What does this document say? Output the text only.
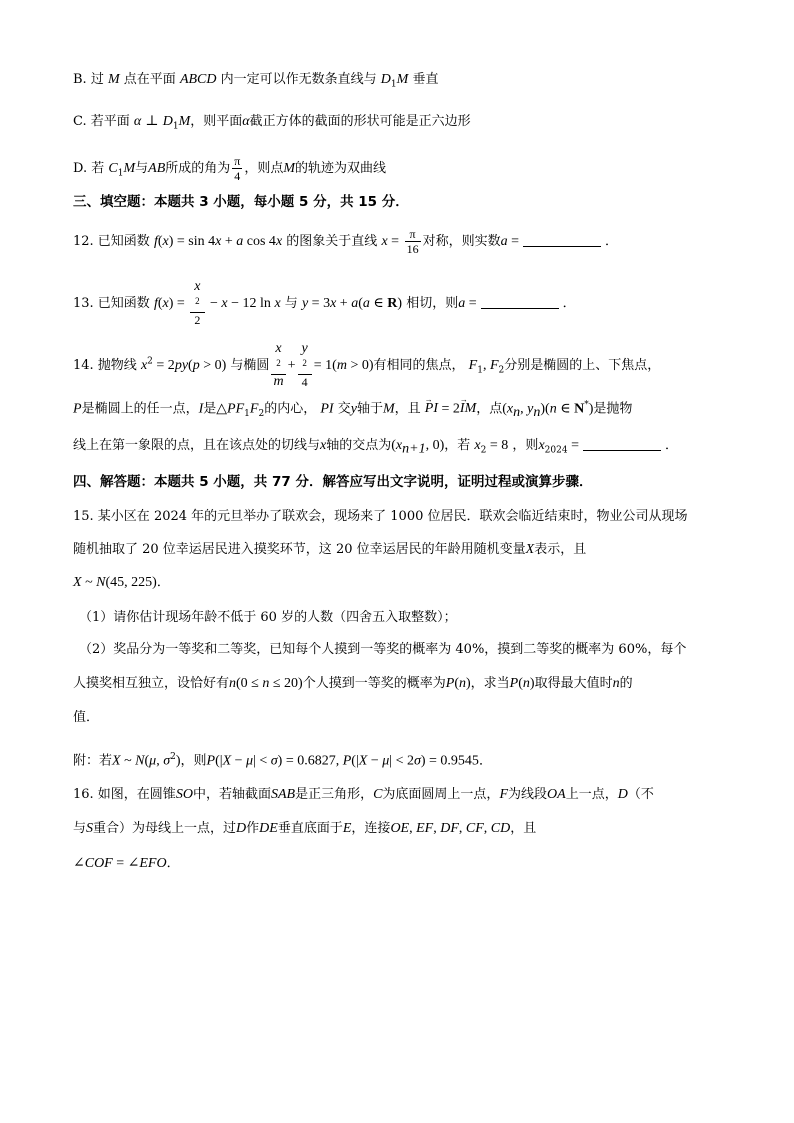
B. 过 M 点在平面 ABCD 内一定可以作无数条直线与 $D_1M$ 垂直
C. 若平面 α ⊥ $D_1M$，则平面α截正方体的截面的形状可能是正六边形
D. 若 $C_1M$与AB所成的角为 $\frac{\pi}{4}$ ，则点M的轨迹为双曲线
三、填空题：本题共 3 小题，每小题 5 分，共 15 分．
12. 已知函数 f(x) = sin 4x + a cos 4x 的图象关于直线 $x = \frac{\pi}{16}$ 对称，则实数a =	．
13. 已知函数 f(x) = x
$^2$
2 − x − 12 ln x 与 y = 3x + a(a ∈ R) 相切，则a =	．
14. 抛物线 $x^2 = 2py(p > 0)$ 与椭圆 x
$^2$
m + y
$^2$
4 = 1(m > 0)有相同的焦点， $F_1$, $F_2$分别是椭圆的上、下焦点，
P是椭圆上的任一点，I是$\triangle PF_1F_2$的内心， PI 交y轴于M，且 → PI = 2→ IM，点($x_n$, $y_n)(n$ ∈ N*)是抛物
线上在第一象限的点，且在该点处的切线与x轴的交点为($x_{n+1}$, 0)，若 $x_2 = 8$ ，则$x_{2024}$ =	．
四、解答题：本题共 5 小题，共 77 分．解答应写出文字说明，证明过程或演算步骤．
15. 某小区在 2024 年的元旦举办了联欢会，现场来了 1000 位居民．联欢会临近结束时，物业公司从现场
随机抽取了 20 位幸运居民进入摸奖环节，这 20 位幸运居民的年龄用随机变量X表示，且
X ~ N(45, 225)．
（1）请你估计现场年龄不低于 60 岁的人数（四舍五入取整数）；
（2）奖品分为一等奖和二等奖，已知每个人摸到一等奖的概率为 40%，摸到二等奖的概率为 60%，每个
人摸奖相互独立，设恰好有n(0 ≤ n ≤ 20)个人摸到一等奖的概率为P(n)，求当P(n)取得最大值时n的
值．
附：若X ~ N(μ, $\sigma^2$)，则P(|X − μ| < σ) = 0.6827, P(|X − μ| < 2σ) = 0.9545．
16. 如图，在圆锥SO中，若轴截面SAB是正三角形，C为底面圆周上一点，F为线段OA上一点，D（不
与S重合）为母线上一点，过D作DE垂直底面于E，连接OE, EF, DF, CF, CD，且
∠COF = ∠EFO．
